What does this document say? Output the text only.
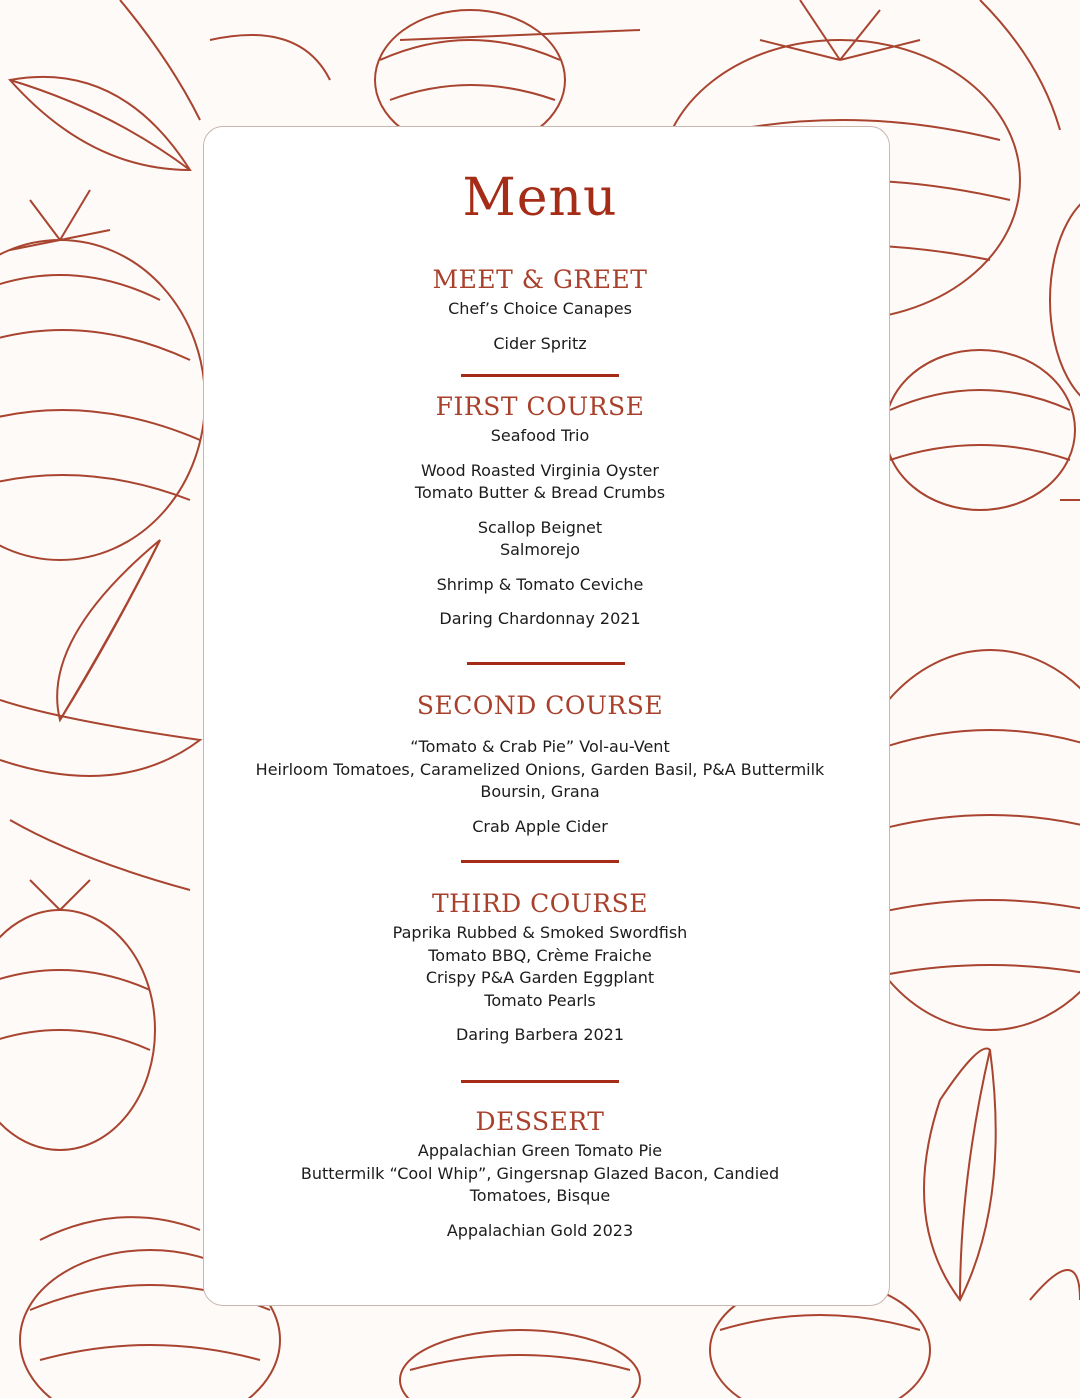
Menu
MEET & GREET
Chef’s Choice Canapes
Cider Spritz
FIRST COURSE
Seafood Trio
Wood Roasted Virginia Oyster
Tomato Butter & Bread Crumbs
Scallop Beignet
Salmorejo
Shrimp & Tomato Ceviche
Daring Chardonnay 2021
SECOND COURSE
“Tomato & Crab Pie” Vol-au-Vent
Heirloom Tomatoes, Caramelized Onions, Garden Basil, P&A Buttermilk
Boursin, Grana
Crab Apple Cider
THIRD COURSE
Paprika Rubbed & Smoked Swordfish
Tomato BBQ, Crème Fraiche
Crispy P&A Garden Eggplant
Tomato Pearls
Daring Barbera 2021
DESSERT
Appalachian Green Tomato Pie
Buttermilk “Cool Whip”, Gingersnap Glazed Bacon, Candied
Tomatoes, Bisque
Appalachian Gold 2023
